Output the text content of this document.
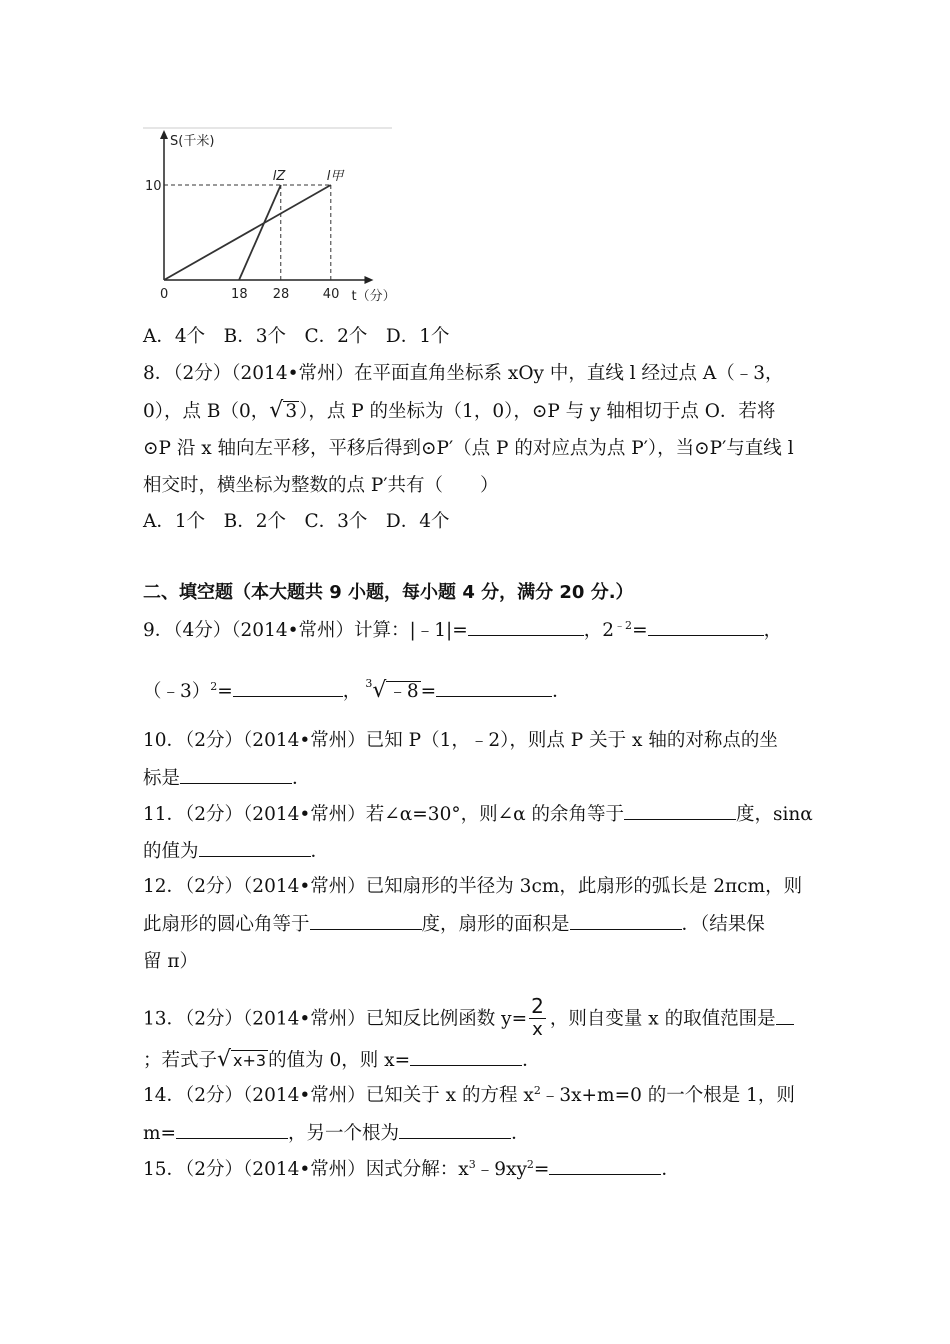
S(千米)
t（分）
10
0	18 28	40
lZ	l甲
A．4个　B．3个　C．2个　D．1个
8．（2分）（2014•常州）在平面直角坐标系 xOy 中，直线 l 经过点 A（﹣3，
0），点 B（0，√ 3 ），点 P 的坐标为（1，0），⊙P 与 y 轴相切于点 O．若将
⊙P 沿 x 轴向左平移，平移后得到⊙P′（点 P 的对应点为点 P′），当⊙P′与直线 l
相交时，横坐标为整数的点 P′共有（　　）
A．1个　B．2个　C．3个　D．4个
二、填空题（本大题共 9 小题，每小题 4 分，满分 20 分.）
9．（4分）（2014•常州）计算：|﹣1|=	，$2^{﹣2}=$	，
（﹣3）$^2$=	， $^3$√ ﹣8 =	．
10．（2分）（2014•常州）已知 P（1，﹣2），则点 P 关于 x 轴的对称点的坐
标是	．
11．（2分）（2014•常州）若∠α=30°，则∠α 的余角等于	度，sinα
的值为	．
12．（2分）（2014•常州）已知扇形的半径为 3cm，此扇形的弧长是 2πcm，则
此扇形的圆心角等于	度，扇形的面积是	．（结果保
留 π）
13．（2分）（2014•常州）已知反比例函数 $y= \frac{2}{x}$ ，则自变量 x 的取值范围是
；若式子√ x+3 的值为 0，则 x=	．
14．（2分）（2014•常州）已知关于 x 的方程 $x^2﹣3x+m=0$ 的一个根是 1，则
m=	，另一个根为	．
15．（2分）（2014•常州）因式分解：$x^3﹣9xy^2=$	．
